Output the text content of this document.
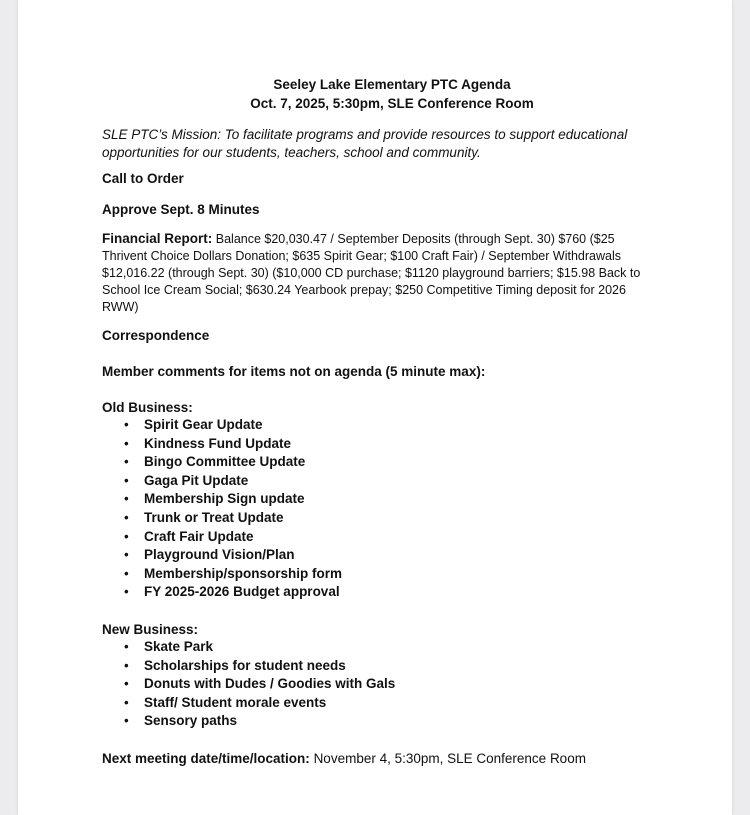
Seeley Lake Elementary PTC Agenda

Oct. 7, 2025, 5:30pm, SLE Conference Room

SLE PTC’s Mission: To facilitate programs and provide resources to support educational opportunities for our students, teachers, school and community.

Call to Order

Approve Sept. 8 Minutes

Financial Report: Balance $20,030.47 / September Deposits (through Sept. 30) $760 ($25 Thrivent Choice Dollars Donation; $635 Spirit Gear; $100 Craft Fair) / September Withdrawals $12,016.22 (through Sept. 30) ($10,000 CD purchase; $1120 playground barriers; $15.98 Back to School Ice Cream Social; $630.24 Yearbook prepay; $250 Competitive Timing deposit for 2026 RWW)

Correspondence

Member comments for items not on agenda (5 minute max):

Old Business:

• Spirit Gear Update
• Kindness Fund Update
• Bingo Committee Update
• Gaga Pit Update
• Membership Sign update
• Trunk or Treat Update
• Craft Fair Update
• Playground Vision/Plan
• Membership/sponsorship form
• FY 2025-2026 Budget approval

New Business:

• Skate Park
• Scholarships for student needs
• Donuts with Dudes / Goodies with Gals
• Staff/ Student morale events
• Sensory paths

Next meeting date/time/location: November 4, 5:30pm, SLE Conference Room
